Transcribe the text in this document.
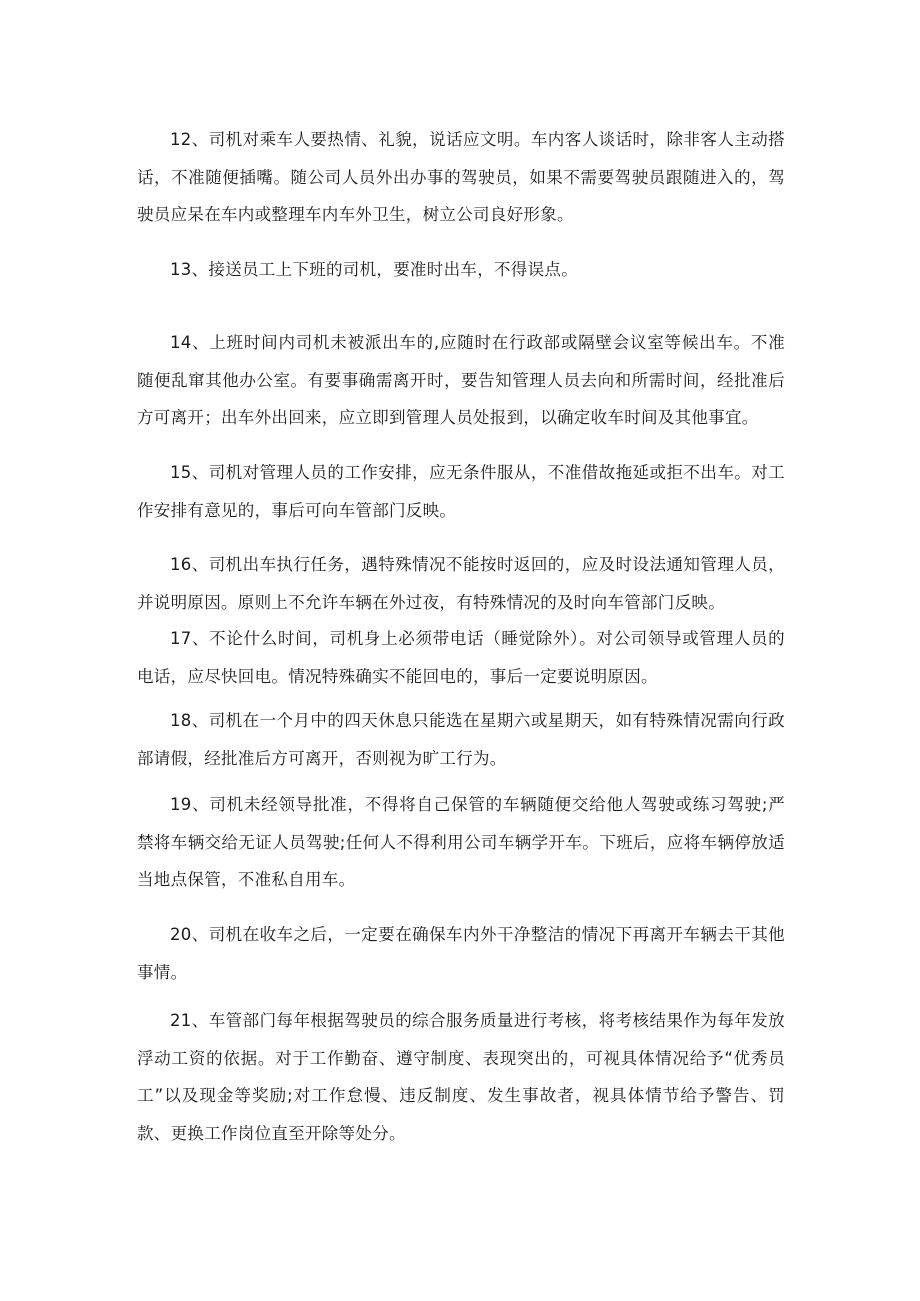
12、司机对乘车人要热情、礼貌，说话应文明。车内客人谈话时，除非客人主动搭话，不准随便插嘴。随公司人员外出办事的驾驶员，如果不需要驾驶员跟随进入的，驾驶员应呆在车内或整理车内车外卫生，树立公司良好形象。

13、接送员工上下班的司机，要准时出车，不得误点。

14、上班时间内司机未被派出车的,应随时在行政部或隔壁会议室等候出车。不准随便乱窜其他办公室。有要事确需离开时，要告知管理人员去向和所需时间，经批准后方可离开；出车外出回来，应立即到管理人员处报到，以确定收车时间及其他事宜。

15、司机对管理人员的工作安排，应无条件服从，不准借故拖延或拒不出车。对工作安排有意见的，事后可向车管部门反映。

16、司机出车执行任务，遇特殊情况不能按时返回的，应及时设法通知管理人员，并说明原因。原则上不允许车辆在外过夜，有特殊情况的及时向车管部门反映。

17、不论什么时间，司机身上必须带电话（睡觉除外）。对公司领导或管理人员的电话，应尽快回电。情况特殊确实不能回电的，事后一定要说明原因。

18、司机在一个月中的四天休息只能选在星期六或星期天，如有特殊情况需向行政部请假，经批准后方可离开，否则视为旷工行为。

19、司机未经领导批准，不得将自己保管的车辆随便交给他人驾驶或练习驾驶;严禁将车辆交给无证人员驾驶;任何人不得利用公司车辆学开车。下班后，应将车辆停放适当地点保管，不准私自用车。

20、司机在收车之后，一定要在确保车内外干净整洁的情况下再离开车辆去干其他事情。

21、车管部门每年根据驾驶员的综合服务质量进行考核，将考核结果作为每年发放浮动工资的依据。对于工作勤奋、遵守制度、表现突出的，可视具体情况给予“优秀员工”以及现金等奖励;对工作怠慢、违反制度、发生事故者，视具体情节给予警告、罚款、更换工作岗位直至开除等处分。
